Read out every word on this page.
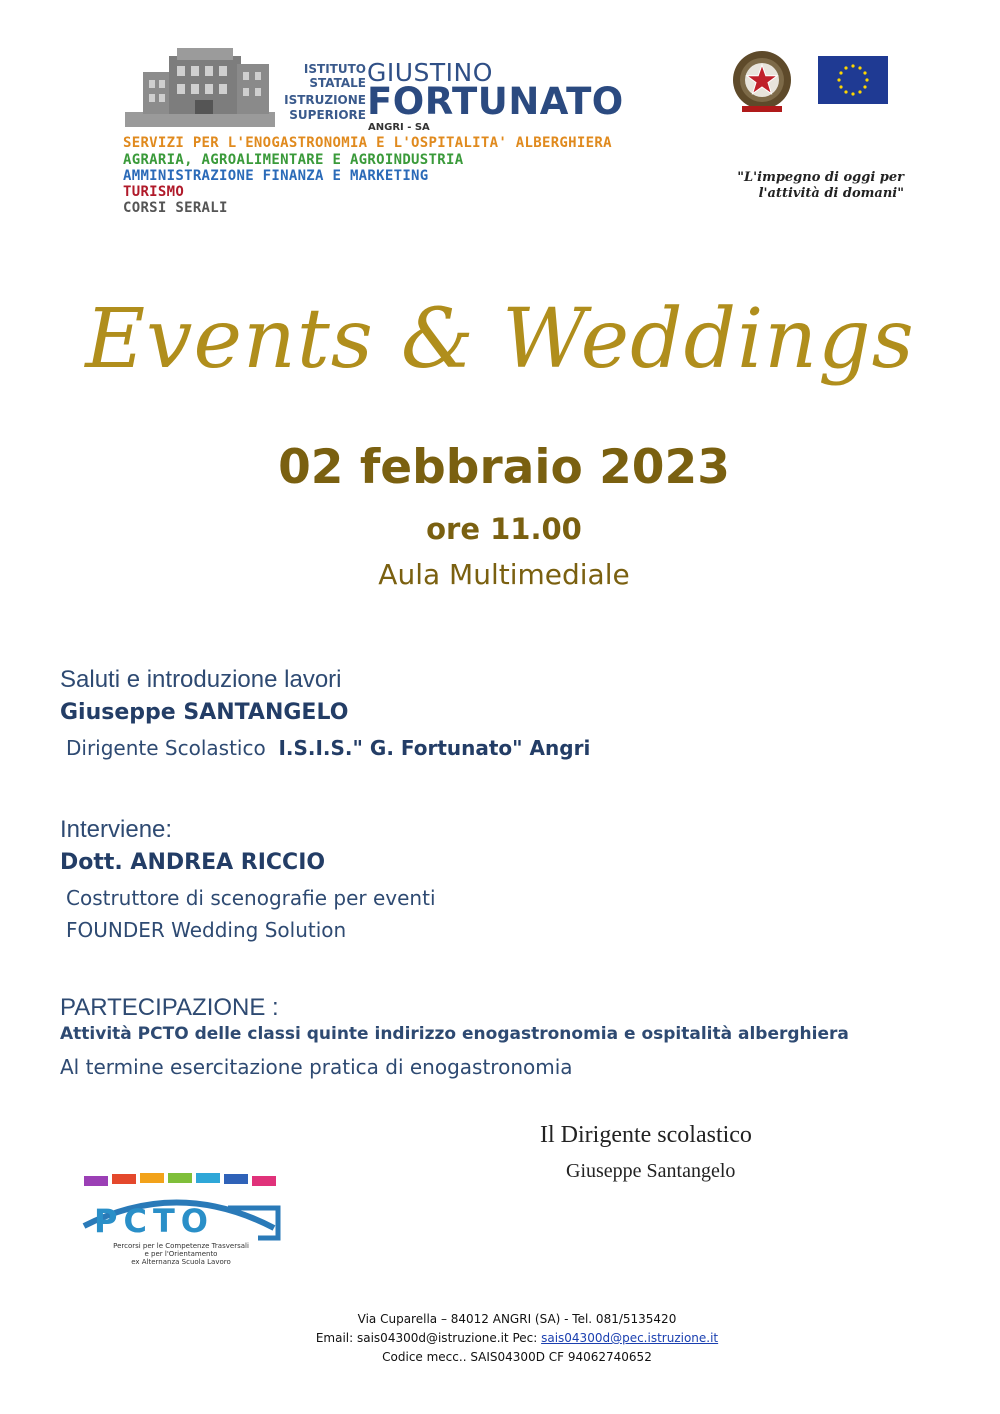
ISTITUTO
STATALE
ISTRUZIONE
SUPERIORE
GIUSTINO
FORTUNATO
ANGRI - SA
SERVIZI PER L'ENOGASTRONOMIA E L'OSPITALITA' ALBERGHIERA
AGRARIA, AGROALIMENTARE E AGROINDUSTRIA
AMMINISTRAZIONE FINANZA E MARKETING
TURISMO
CORSI SERALI
"L'impegno di oggi per
l'attività di domani"
Events & Weddings
02 febbraio 2023
ore 11.00
Aula Multimediale
Saluti e introduzione lavori
Giuseppe SANTANGELO
Dirigente Scolastico I.S.I.S." G. Fortunato" Angri
Interviene:
Dott. ANDREA RICCIO
Costruttore di scenografie per eventi
FOUNDER Wedding Solution
PARTECIPAZIONE :
Attività PCTO delle classi quinte indirizzo enogastronomia e ospitalità alberghiera
Al termine esercitazione pratica di enogastronomia
Il Dirigente scolastico
Giuseppe Santangelo
PCTO
Percorsi per le Competenze Trasversali
e per l'Orientamento
ex Alternanza Scuola Lavoro
Via Cuparella – 84012 ANGRI (SA) - Tel. 081/5135420
Email: sais04300d@istruzione.it Pec: sais04300d@pec.istruzione.it
Codice mecc.. SAIS04300D CF 94062740652
